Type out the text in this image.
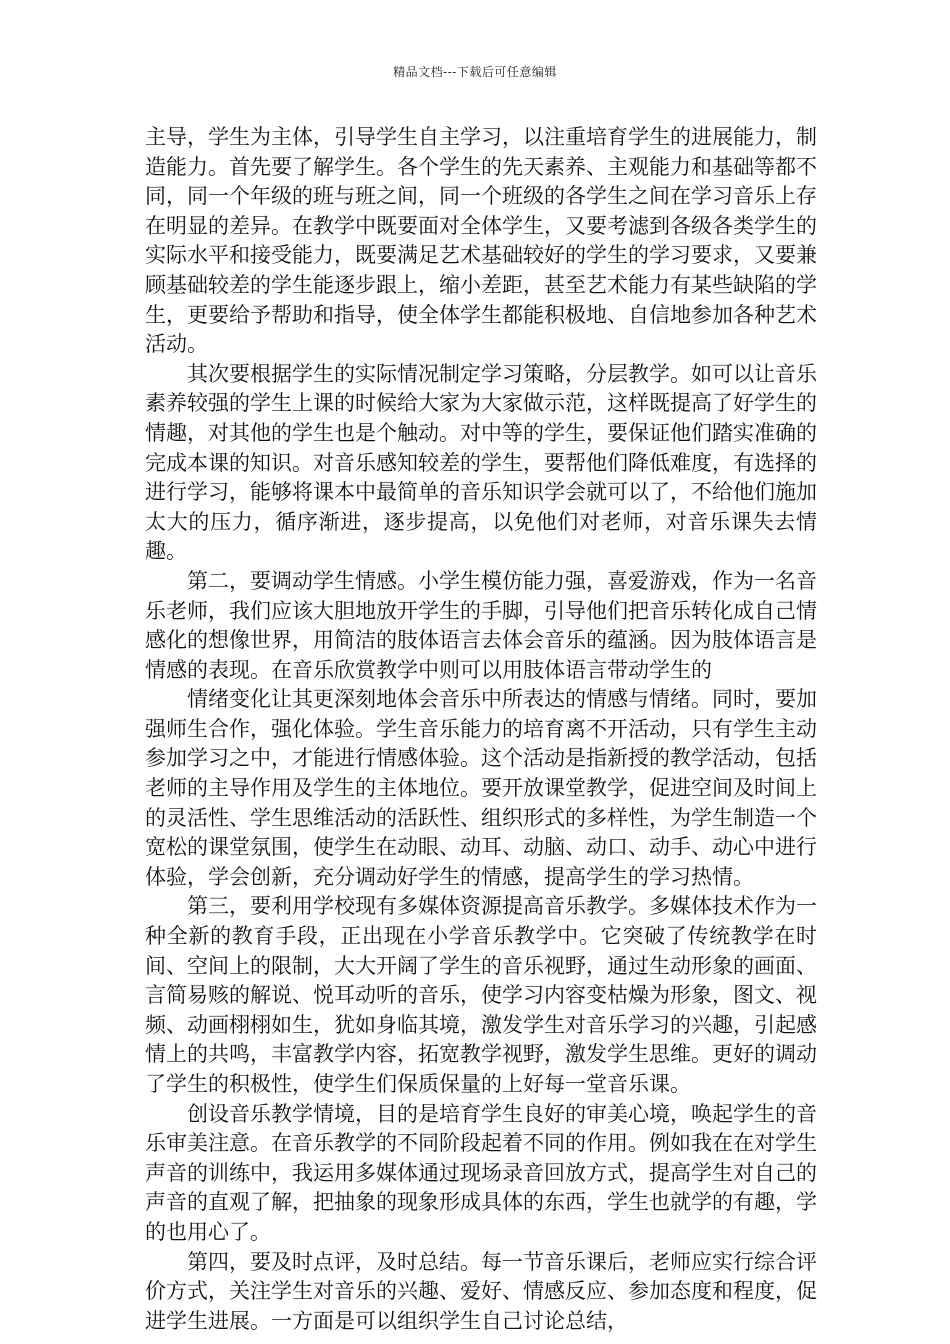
精品文档---下载后可任意编辑

主导，学生为主体，引导学生自主学习，以注重培育学生的进展能力，制造能力。首先要了解学生。各个学生的先天素养、主观能力和基础等都不同，同一个年级的班与班之间，同一个班级的各学生之间在学习音乐上存在明显的差异。在教学中既要面对全体学生，又要考滤到各级各类学生的实际水平和接受能力，既要满足艺术基础较好的学生的学习要求，又要兼顾基础较差的学生能逐步跟上，缩小差距，甚至艺术能力有某些缺陷的学生，更要给予帮助和指导，使全体学生都能积极地、自信地参加各种艺术活动。

其次要根据学生的实际情况制定学习策略，分层教学。如可以让音乐素养较强的学生上课的时候给大家为大家做示范，这样既提高了好学生的情趣，对其他的学生也是个触动。对中等的学生，要保证他们踏实准确的完成本课的知识。对音乐感知较差的学生，要帮他们降低难度，有选择的进行学习，能够将课本中最简单的音乐知识学会就可以了，不给他们施加太大的压力，循序渐进，逐步提高，以免他们对老师，对音乐课失去情趣。

第二，要调动学生情感。小学生模仿能力强，喜爱游戏，作为一名音乐老师，我们应该大胆地放开学生的手脚，引导他们把音乐转化成自己情感化的想像世界，用简洁的肢体语言去体会音乐的蕴涵。因为肢体语言是情感的表现。在音乐欣赏教学中则可以用肢体语言带动学生的

情绪变化让其更深刻地体会音乐中所表达的情感与情绪。同时，要加强师生合作，强化体验。学生音乐能力的培育离不开活动，只有学生主动参加学习之中，才能进行情感体验。这个活动是指新授的教学活动，包括老师的主导作用及学生的主体地位。要开放课堂教学，促进空间及时间上的灵活性、学生思维活动的活跃性、组织形式的多样性，为学生制造一个宽松的课堂氛围，使学生在动眼、动耳、动脑、动口、动手、动心中进行体验，学会创新，充分调动好学生的情感，提高学生的学习热情。

第三，要利用学校现有多媒体资源提高音乐教学。多媒体技术作为一种全新的教育手段，正出现在小学音乐教学中。它突破了传统教学在时间、空间上的限制，大大开阔了学生的音乐视野，通过生动形象的画面、言简易赅的解说、悦耳动听的音乐，使学习内容变枯燥为形象，图文、视频、动画栩栩如生，犹如身临其境，激发学生对音乐学习的兴趣，引起感情上的共鸣，丰富教学内容，拓宽教学视野，激发学生思维。更好的调动了学生的积极性，使学生们保质保量的上好每一堂音乐课。

创设音乐教学情境，目的是培育学生良好的审美心境，唤起学生的音乐审美注意。在音乐教学的不同阶段起着不同的作用。例如我在在对学生声音的训练中，我运用多媒体通过现场录音回放方式，提高学生对自己的声音的直观了解，把抽象的现象形成具体的东西，学生也就学的有趣，学的也用心了。

第四，要及时点评，及时总结。每一节音乐课后，老师应实行综合评价方式，关注学生对音乐的兴趣、爱好、情感反应、参加态度和程度，促进学生进展。一方面是可以组织学生自己讨论总结，
